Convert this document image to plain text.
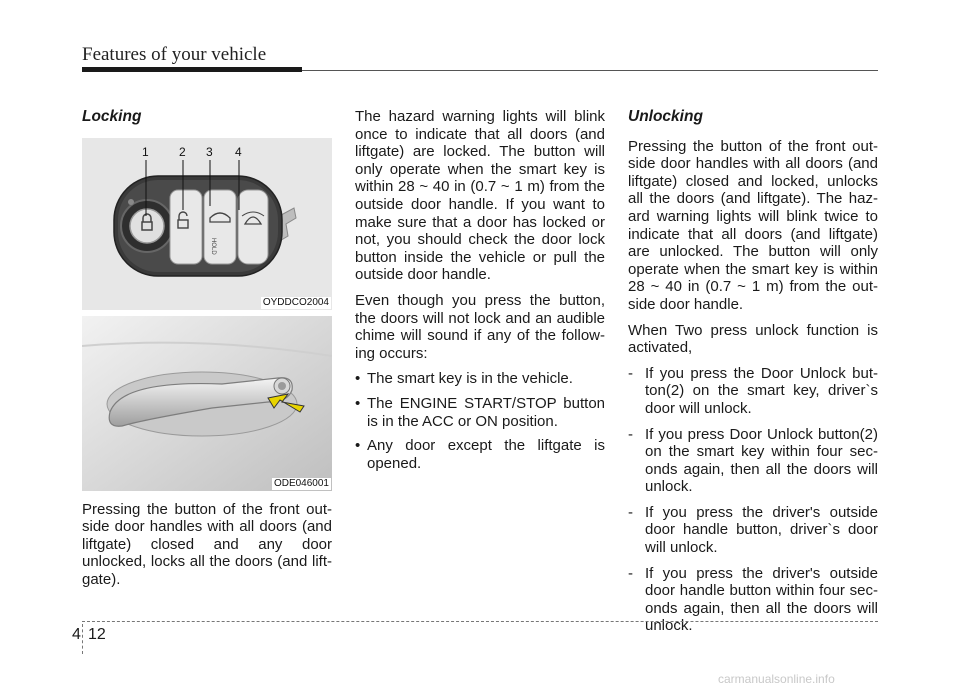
Features of your vehicle
Locking
HOLD
1	2 3 4
OYDDCO2004
ODE046001
Pressing the button of the front out-side door handles with all doors (and liftgate) closed and any door unlocked, locks all the doors (and lift-gate).
The hazard warning lights will blink once to indicate that all doors (and liftgate) are locked. The button will only operate when the smart key is within 28 ~ 40 in (0.7 ~ 1 m) from the outside door handle. If you want to make sure that a door has locked or not, you should check the door lock button inside the vehicle or pull the outside door handle.
Even though you press the button, the doors will not lock and an audible chime will sound if any of the follow-ing occurs:
• The smart key is in the vehicle.
• The ENGINE START/STOP button is in the ACC or ON position.
• Any door except the liftgate is opened.
Unlocking
Pressing the button of the front out-side door handles with all doors (and liftgate) closed and locked, unlocks all the doors (and liftgate). The haz-ard warning lights will blink twice to indicate that all doors (and liftgate) are unlocked. The button will only operate when the smart key is within 28 ~ 40 in (0.7 ~ 1 m) from the out-side door handle.
When Two press unlock function is activated,
- If you press the Door Unlock but-ton(2) on the smart key, driver`s door will unlock.
- If you press Door Unlock button(2) on the smart key within four sec-onds again, then all the doors will unlock.
- If you press the driver's outside door handle button, driver`s door will unlock.
- If you press the driver's outside door handle button within four sec-onds again, then all the doors will unlock.
4 12
carmanualsonline.info
